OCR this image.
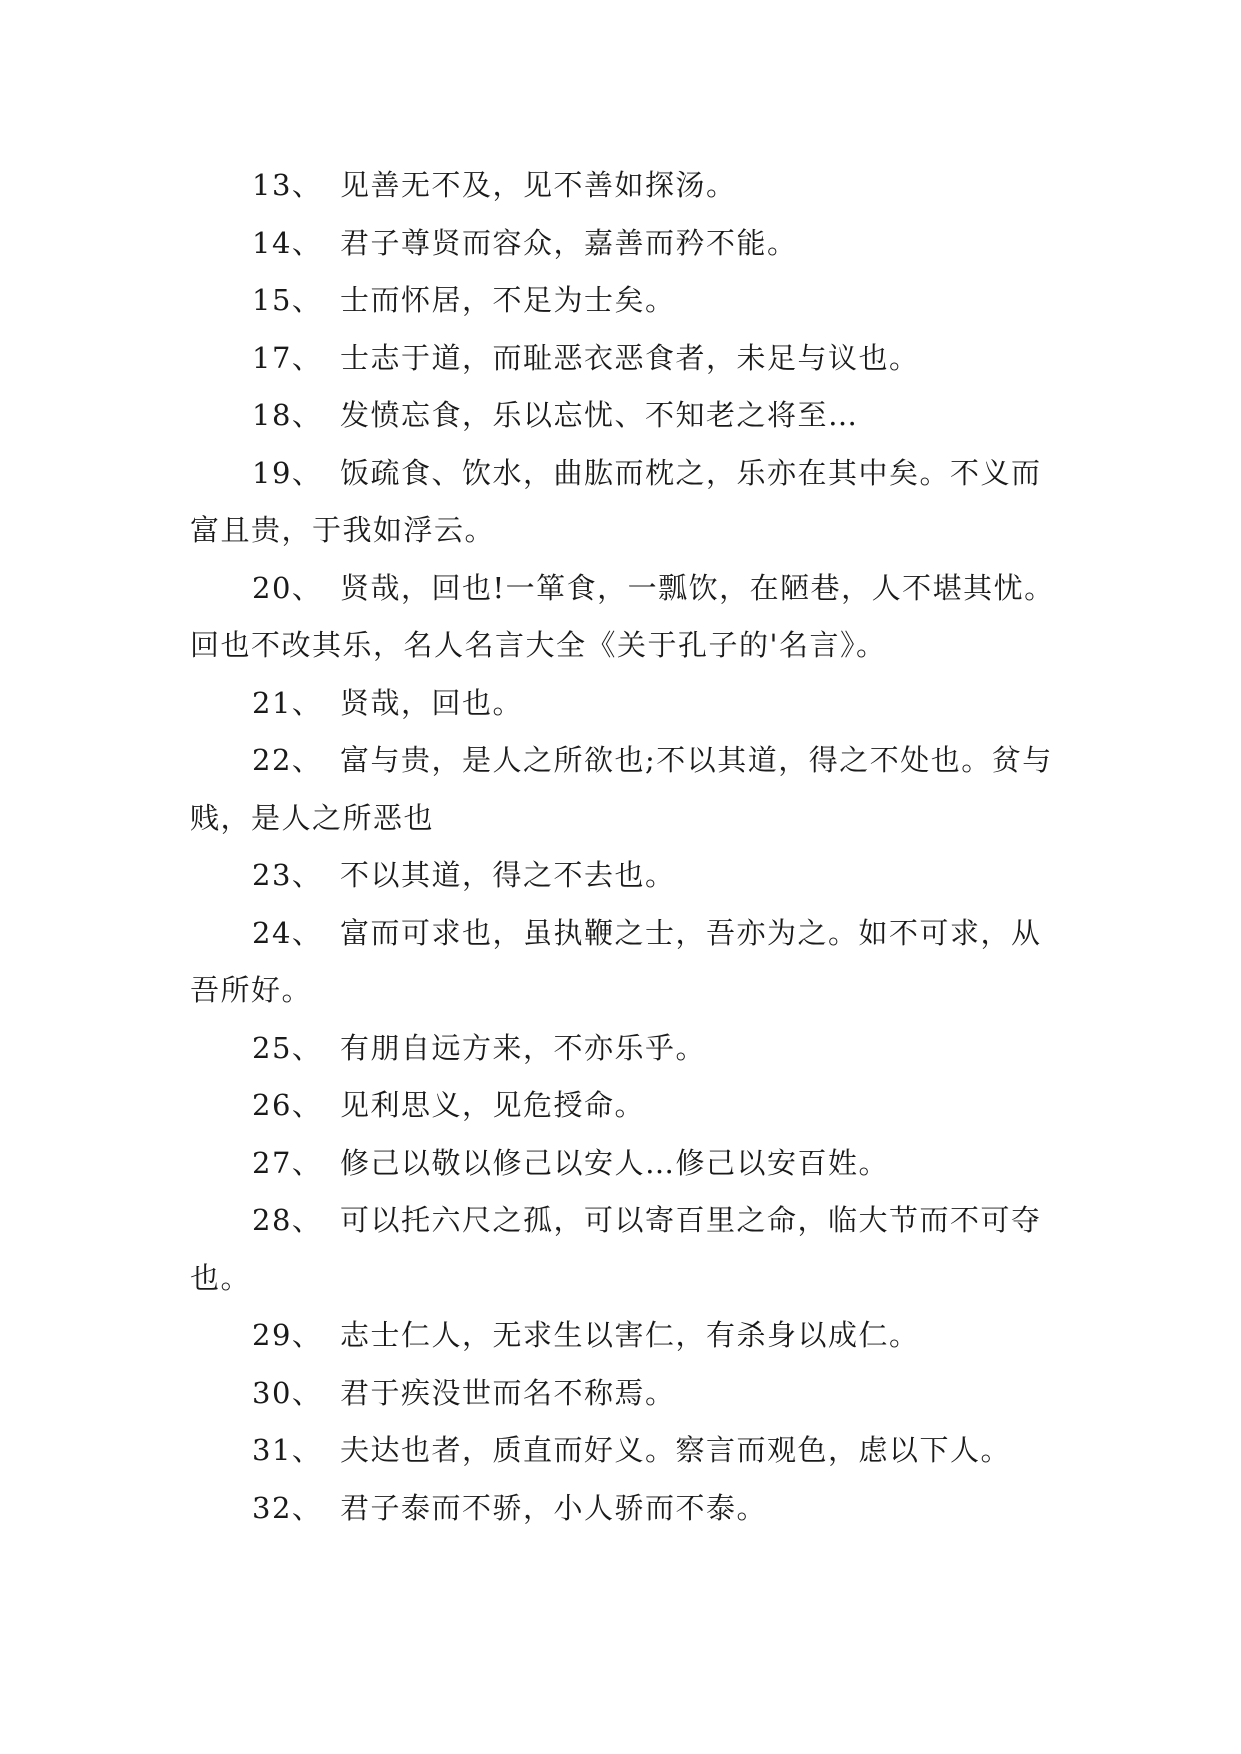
13、 见善无不及，见不善如探汤。

14、 君子尊贤而容众，嘉善而矜不能。

15、 士而怀居，不足为士矣。

17、 士志于道，而耻恶衣恶食者，未足与议也。

18、 发愤忘食，乐以忘忧、不知老之将至…

19、 饭疏食、饮水，曲肱而枕之，乐亦在其中矣。不义而富且贵，于我如浮云。

20、 贤哉，回也!一箪食，一瓢饮，在陋巷，人不堪其忧。回也不改其乐，名人名言大全《关于孔子的'名言》。

21、 贤哉，回也。

22、 富与贵，是人之所欲也;不以其道，得之不处也。贫与贱，是人之所恶也

23、 不以其道，得之不去也。

24、 富而可求也，虽执鞭之士，吾亦为之。如不可求，从吾所好。

25、 有朋自远方来，不亦乐乎。

26、 见利思义，见危授命。

27、 修己以敬以修己以安人…修己以安百姓。

28、 可以托六尺之孤，可以寄百里之命，临大节而不可夺也。

29、 志士仁人，无求生以害仁，有杀身以成仁。

30、 君于疾没世而名不称焉。

31、 夫达也者，质直而好义。察言而观色，虑以下人。

32、 君子泰而不骄，小人骄而不泰。
